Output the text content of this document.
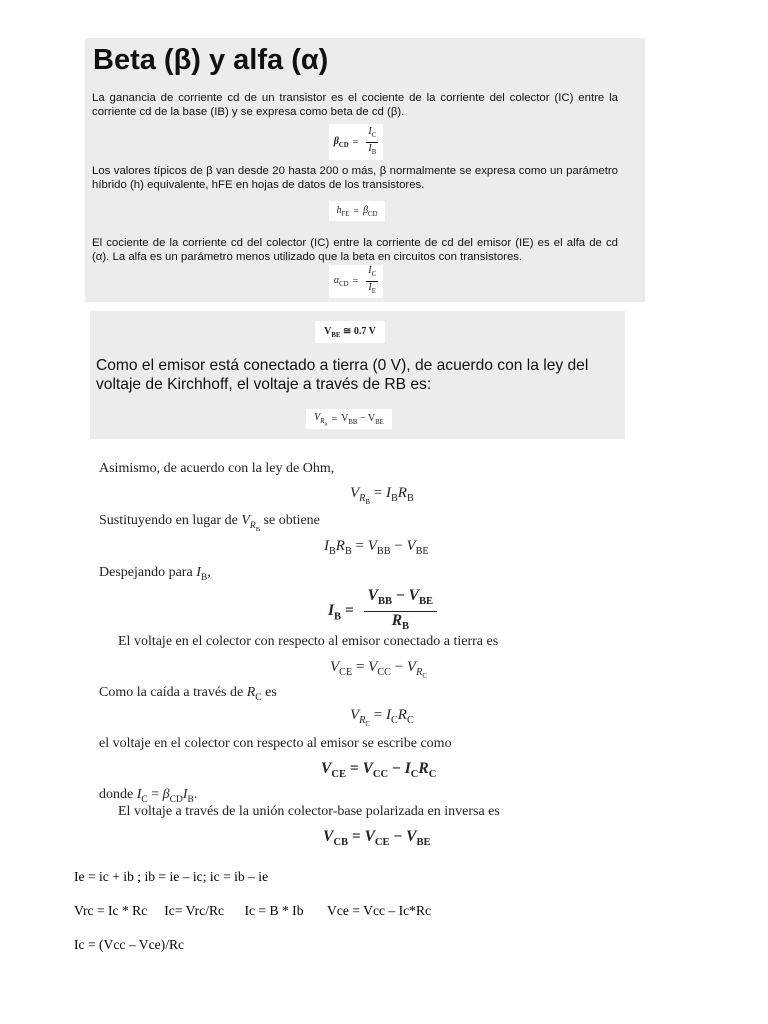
Beta (β) y alfa (α)
La ganancia de corriente cd de un transistor es el cociente de la corriente del colector (IC) entre la corriente cd de la base (IB) y se expresa como beta de cd (β).
$\beta_{CD} = \frac{I_C}{I_B}$
Los valores típicos de β van desde 20 hasta 200 o más, β normalmente se expresa como un parámetro híbrido (h) equivalente, hFE en hojas de datos de los transistores.
$h_{FE} = \beta_{CD}$
El cociente de la corriente cd del colector (IC) entre la corriente de cd del emisor (IE) es el alfa de cd (α). La alfa es un parámetro menos utilizado que la beta en circuitos con transistores.
$\alpha_{CD} = \frac{I_C}{I_E}$
$V_{BE}$ ≅ 0.7 V
Como el emisor está conectado a tierra (0 V), de acuerdo con la ley del voltaje de Kirchhoff, el voltaje a través de RB es:
$V_{R_B} = V_{BB} - V_{BE}$
Asimismo, de acuerdo con la ley de Ohm,
$V_{R_B} = I_BR_B$
Sustituyendo en lugar de $V_{R_B}$ se obtiene
$I_BR_B = V_{BB} - V_{BE}$
Despejando para $I_B$,
$I_B = \frac{V_{BB} - V_{BE}}{R_B}$
El voltaje en el colector con respecto al emisor conectado a tierra es
$V_{CE} = V_{CC} - V_{R_C}$
Como la caída a través de $R_C$ es
$V_{R_C} = I_CR_C$
el voltaje en el colector con respecto al emisor se escribe como
$V_{CE} = V_{CC} - I_CR_C$
donde $I_C = \beta_{CD}I_B$.
El voltaje a través de la unión colector-base polarizada en inversa es
$V_{CB} = V_{CE} - V_{BE}$

Ie = ic + ib ; ib = ie – ic; ic = ib – ie

Vrc = Ic * Rc     Ic= Vrc/Rc      Ic = B * Ib       Vce = Vcc – Ic*Rc

Ic = (Vcc – Vce)/Rc
